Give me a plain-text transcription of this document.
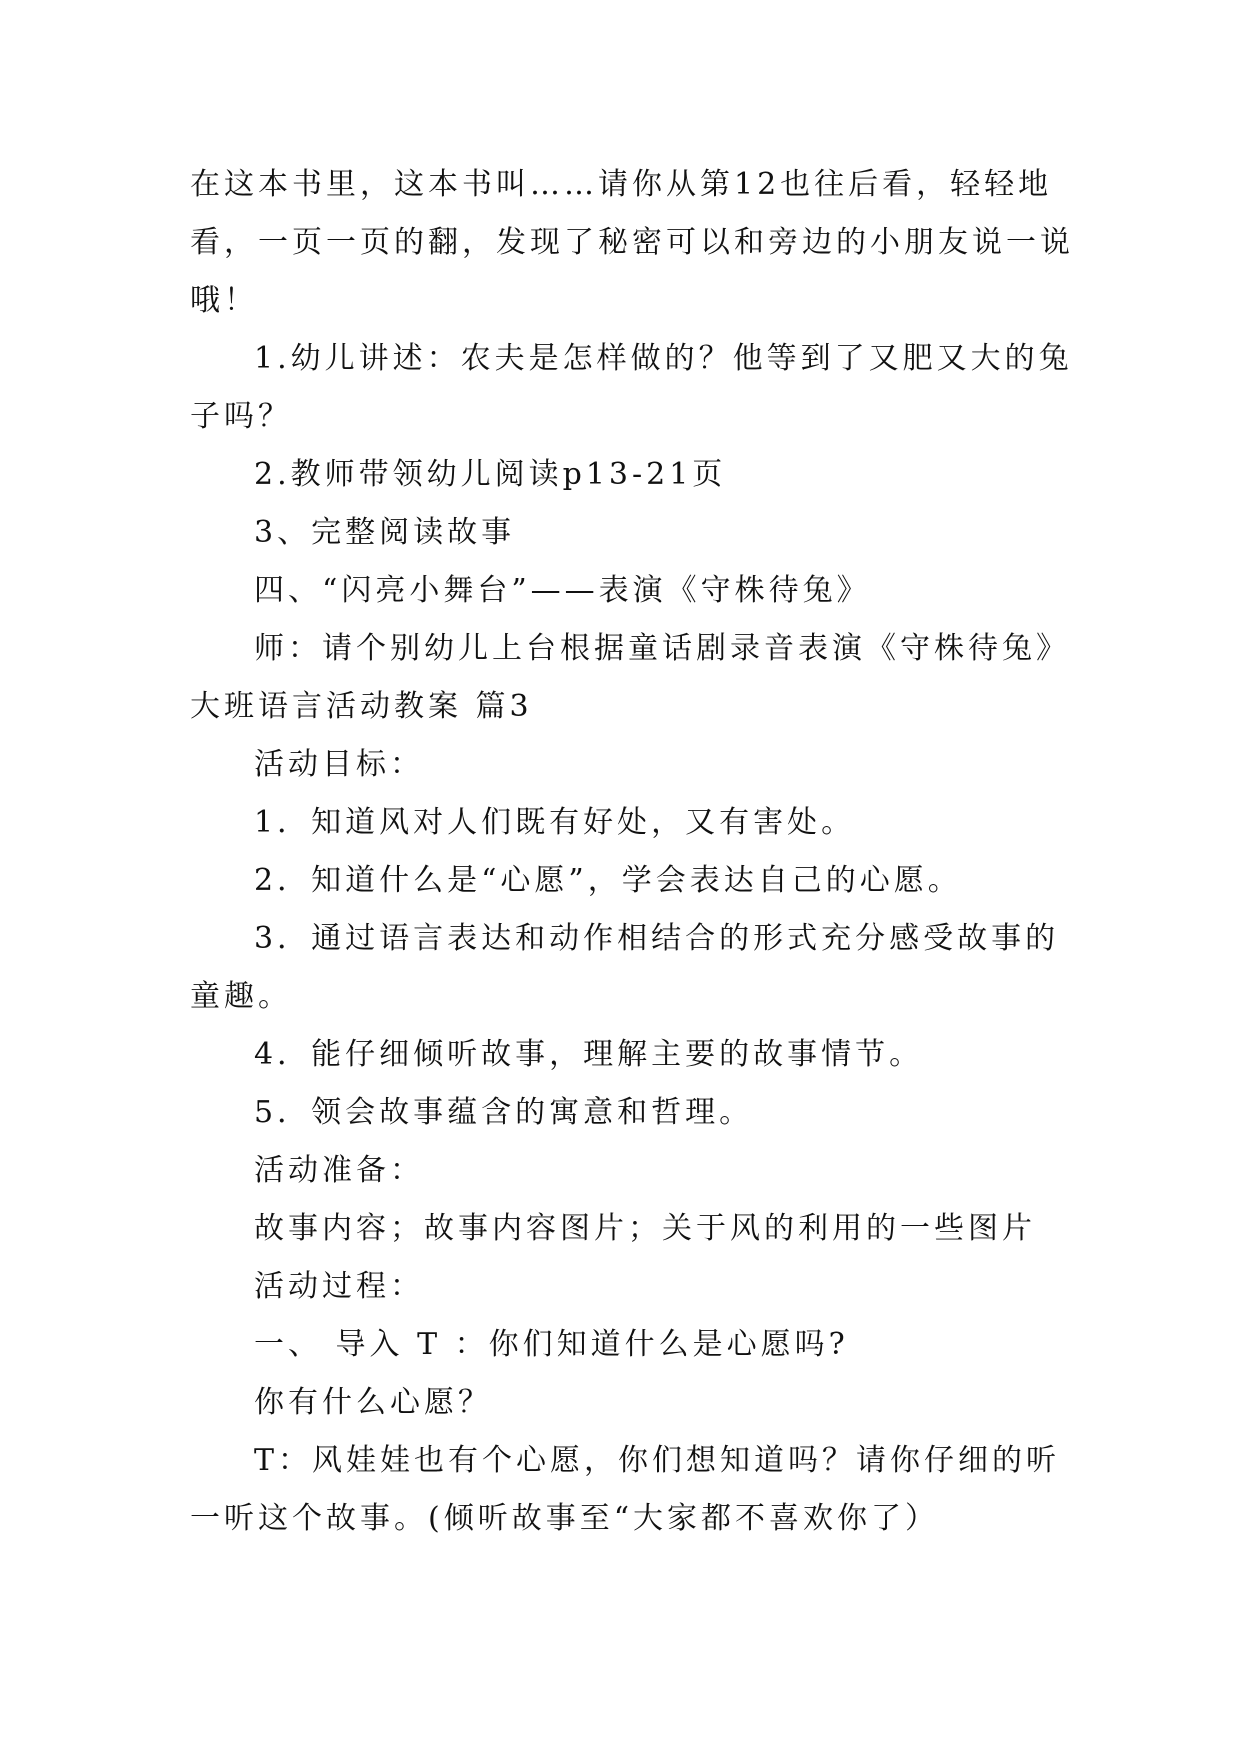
在这本书里，这本书叫……请你从第12也往后看，轻轻地
看，一页一页的翻，发现了秘密可以和旁边的小朋友说一说
哦！
1.幼儿讲述：农夫是怎样做的？他等到了又肥又大的兔
子吗？
2.教师带领幼儿阅读p13-21页
3、完整阅读故事
四、“闪亮小舞台”——表演《守株待兔》
师：请个别幼儿上台根据童话剧录音表演《守株待兔》
大班语言活动教案 篇3
活动目标：
1．知道风对人们既有好处，又有害处。
2．知道什么是“心愿”，学会表达自己的心愿。
3．通过语言表达和动作相结合的形式充分感受故事的
童趣。
4．能仔细倾听故事，理解主要的故事情节。
5．领会故事蕴含的寓意和哲理。
活动准备：
故事内容；故事内容图片；关于风的利用的一些图片
活动过程：
一、 导入 T ：你们知道什么是心愿吗?
你有什么心愿？
T：风娃娃也有个心愿，你们想知道吗？请你仔细的听
一听这个故事。(倾听故事至“大家都不喜欢你了）
